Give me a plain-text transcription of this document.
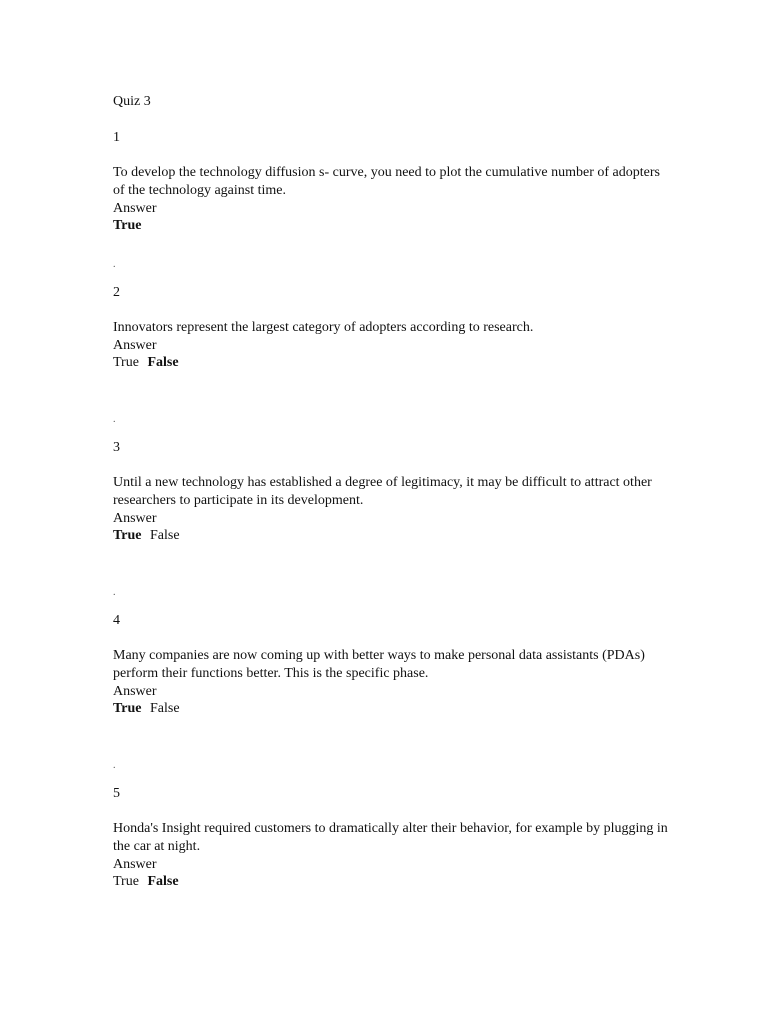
Quiz 3
1
To develop the technology diffusion s- curve, you need to plot the cumulative number of adopters of the technology against time.
Answer
True
.
2
Innovators represent the largest category of adopters according to research.
Answer
True False
.
3
Until a new technology has established a degree of legitimacy, it may be difficult to attract other researchers to participate in its development.
Answer
True False
.
4
Many companies are now coming up with better ways to make personal data assistants (PDAs) perform their functions better. This is the specific phase.
Answer
True False
.
5
Honda's Insight required customers to dramatically alter their behavior, for example by plugging in the car at night.
Answer
True False
